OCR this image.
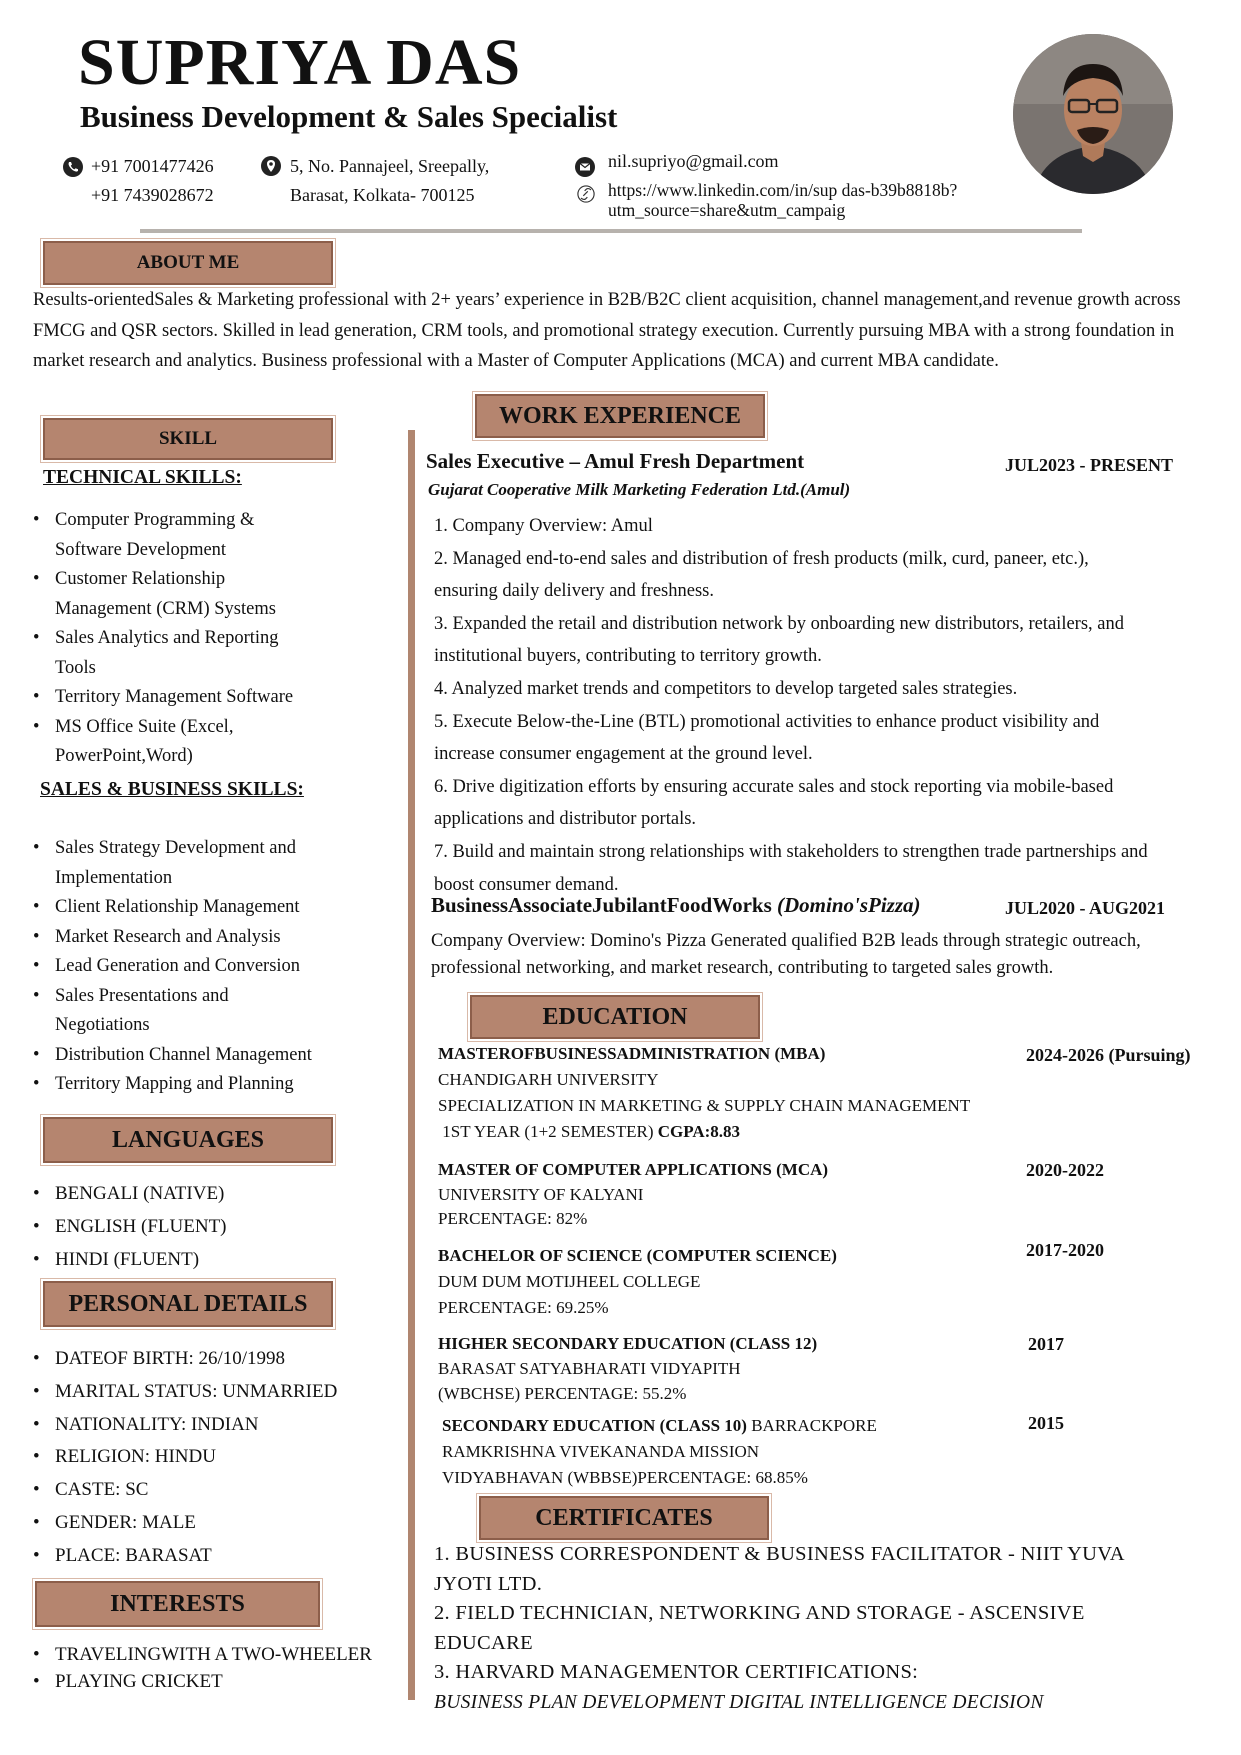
SUPRIYA DAS
Business Development & Sales Specialist
+91 7001477426
+91 7439028672
5, No. Pannajeel, Sreepally,
Barasat, Kolkata- 700125
nil.supriyo@gmail.com
https://www.linkedin.com/in/sup das-b39b8818b?
utm_source=share&utm_campaig
ABOUT ME
Results-orientedSales & Marketing professional with 2+ years’ experience in B2B/B2C client acquisition, channel management,and revenue growth across FMCG and QSR sectors. Skilled in lead generation, CRM tools, and promotional strategy execution. Currently pursuing MBA with a strong foundation in market research and analytics. Business professional with a Master of Computer Applications (MCA) and current MBA candidate.
SKILL
TECHNICAL SKILLS:
• Computer Programming &
Software Development
• Customer Relationship
Management (CRM) Systems
• Sales Analytics and Reporting
Tools
• Territory Management Software
• MS Office Suite (Excel,
PowerPoint,Word)
SALES & BUSINESS SKILLS:
• Sales Strategy Development and
Implementation
• Client Relationship Management
• Market Research and Analysis
• Lead Generation and Conversion
• Sales Presentations and
Negotiations
• Distribution Channel Management
• Territory Mapping and Planning
LANGUAGES
• BENGALI (NATIVE)
• ENGLISH (FLUENT)
• HINDI (FLUENT)
PERSONAL DETAILS
• DATEOF BIRTH: 26/10/1998
• MARITAL STATUS: UNMARRIED
• NATIONALITY: INDIAN
• RELIGION: HINDU
• CASTE: SC
• GENDER: MALE
• PLACE: BARASAT
INTERESTS
• TRAVELINGWITH A TWO-WHEELER
• PLAYING CRICKET
WORK EXPERIENCE
Sales Executive – Amul Fresh Department	JUL2023 - PRESENT
Gujarat Cooperative Milk Marketing Federation Ltd.(Amul)
1. Company Overview: Amul
2. Managed end-to-end sales and distribution of fresh products (milk, curd, paneer, etc.),
ensuring daily delivery and freshness.
3. Expanded the retail and distribution network by onboarding new distributors, retailers, and
institutional buyers, contributing to territory growth.
4. Analyzed market trends and competitors to develop targeted sales strategies.
5. Execute Below-the-Line (BTL) promotional activities to enhance product visibility and
increase consumer engagement at the ground level.
6. Drive digitization efforts by ensuring accurate sales and stock reporting via mobile-based
applications and distributor portals.
7. Build and maintain strong relationships with stakeholders to strengthen trade partnerships and
boost consumer demand.
BusinessAssociateJubilantFoodWorks (Domino'sPizza)	JUL2020 - AUG2021
Company Overview: Domino's Pizza Generated qualified B2B leads through strategic outreach,
professional networking, and market research, contributing to targeted sales growth.
EDUCATION
MASTEROFBUSINESSADMINISTRATION (MBA)
CHANDIGARH UNIVERSITY
SPECIALIZATION IN MARKETING & SUPPLY CHAIN MANAGEMENT
1ST YEAR (1+2 SEMESTER) CGPA:8.83
2024-2026 (Pursuing)
MASTER OF COMPUTER APPLICATIONS (MCA)
UNIVERSITY OF KALYANI
PERCENTAGE: 82%
2020-2022
BACHELOR OF SCIENCE (COMPUTER SCIENCE)
DUM DUM MOTIJHEEL COLLEGE
PERCENTAGE: 69.25%
2017-2020
HIGHER SECONDARY EDUCATION (CLASS 12)
BARASAT SATYABHARATI VIDYAPITH
(WBCHSE) PERCENTAGE: 55.2%
2017
SECONDARY EDUCATION (CLASS 10) BARRACKPORE
RAMKRISHNA VIVEKANANDA MISSION
VIDYABHAVAN (WBBSE)PERCENTAGE: 68.85%
2015
CERTIFICATES
1. BUSINESS CORRESPONDENT & BUSINESS FACILITATOR - NIIT YUVA
JYOTI LTD.
2. FIELD TECHNICIAN, NETWORKING AND STORAGE - ASCENSIVE
EDUCARE
3. HARVARD MANAGEMENTOR CERTIFICATIONS:
BUSINESS PLAN DEVELOPMENT DIGITAL INTELLIGENCE DECISION
